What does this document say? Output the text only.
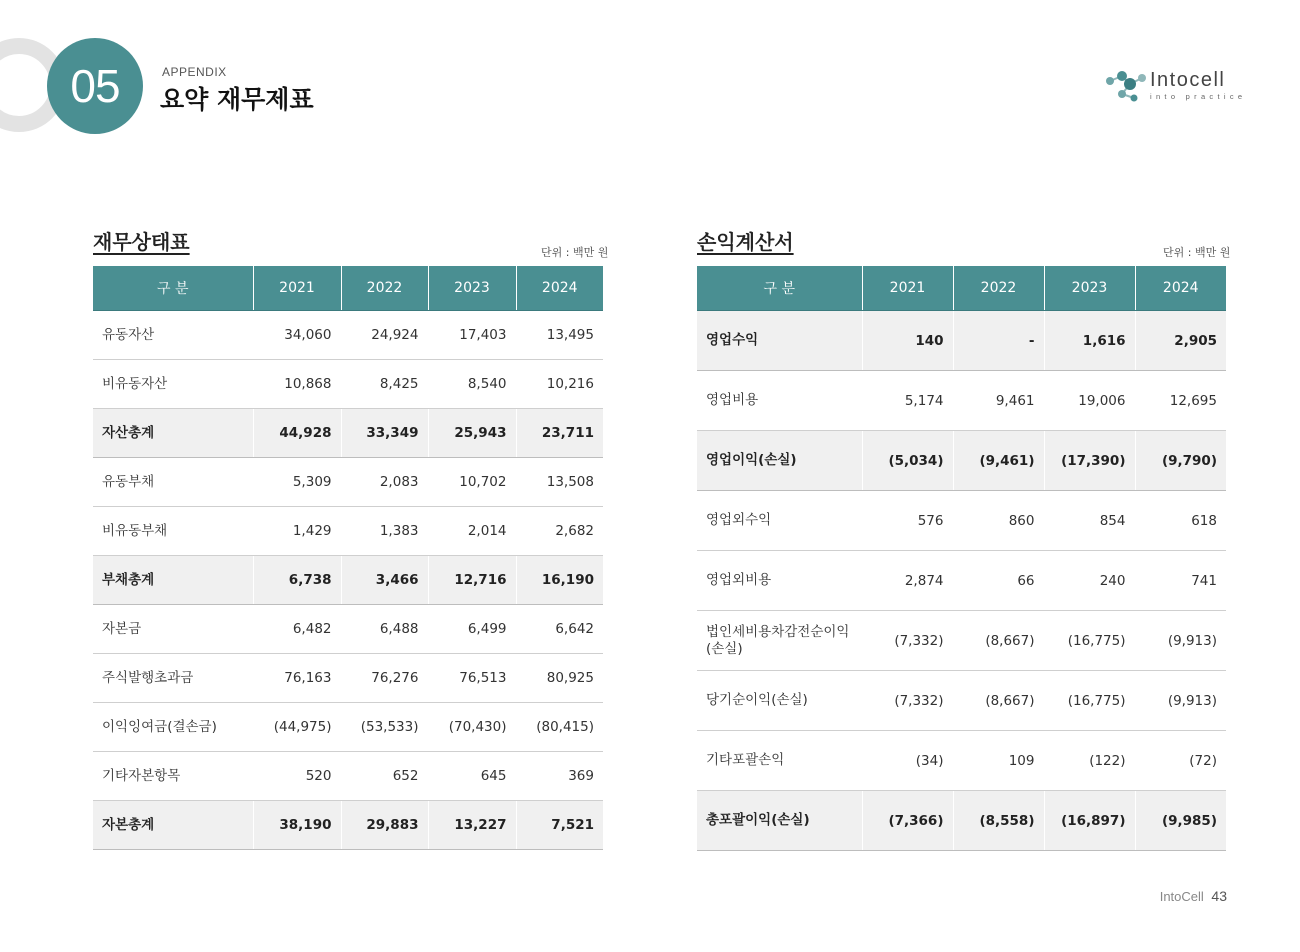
05	APPENDIX
요약 재무제표
Intocell
into practice
재무상태표	단위 : 백만 원
구 분	2021	2022	2023	2024
유동자산	34,060	24,924	17,403	13,495
비유동자산	10,868	8,425	8,540	10,216
자산총계	44,928	33,349	25,943	23,711
유동부채	5,309	2,083	10,702	13,508
비유동부채	1,429	1,383	2,014	2,682
부채총계	6,738	3,466	12,716	16,190
자본금	6,482	6,488	6,499	6,642
주식발행초과금	76,163	76,276	76,513	80,925
이익잉여금(결손금)	(44,975)	(53,533)	(70,430)	(80,415)
기타자본항목	520	652	645	369
자본총계	38,190	29,883	13,227	7,521
손익계산서	단위 : 백만 원
구 분	2021	2022	2023	2024
영업수익	140	-	1,616	2,905
영업비용	5,174	9,461	19,006	12,695
영업이익(손실)	(5,034)	(9,461)	(17,390)	(9,790)
영업외수익	576	860	854	618
영업외비용	2,874	66	240	741
법인세비용차감전순이익
(손실)	(7,332)	(8,667)	(16,775)	(9,913)
당기순이익(손실)	(7,332)	(8,667)	(16,775)	(9,913)
기타포괄손익	(34)	109	(122)	(72)
총포괄이익(손실)	(7,366)	(8,558)	(16,897)	(9,985)
IntoCell 43
